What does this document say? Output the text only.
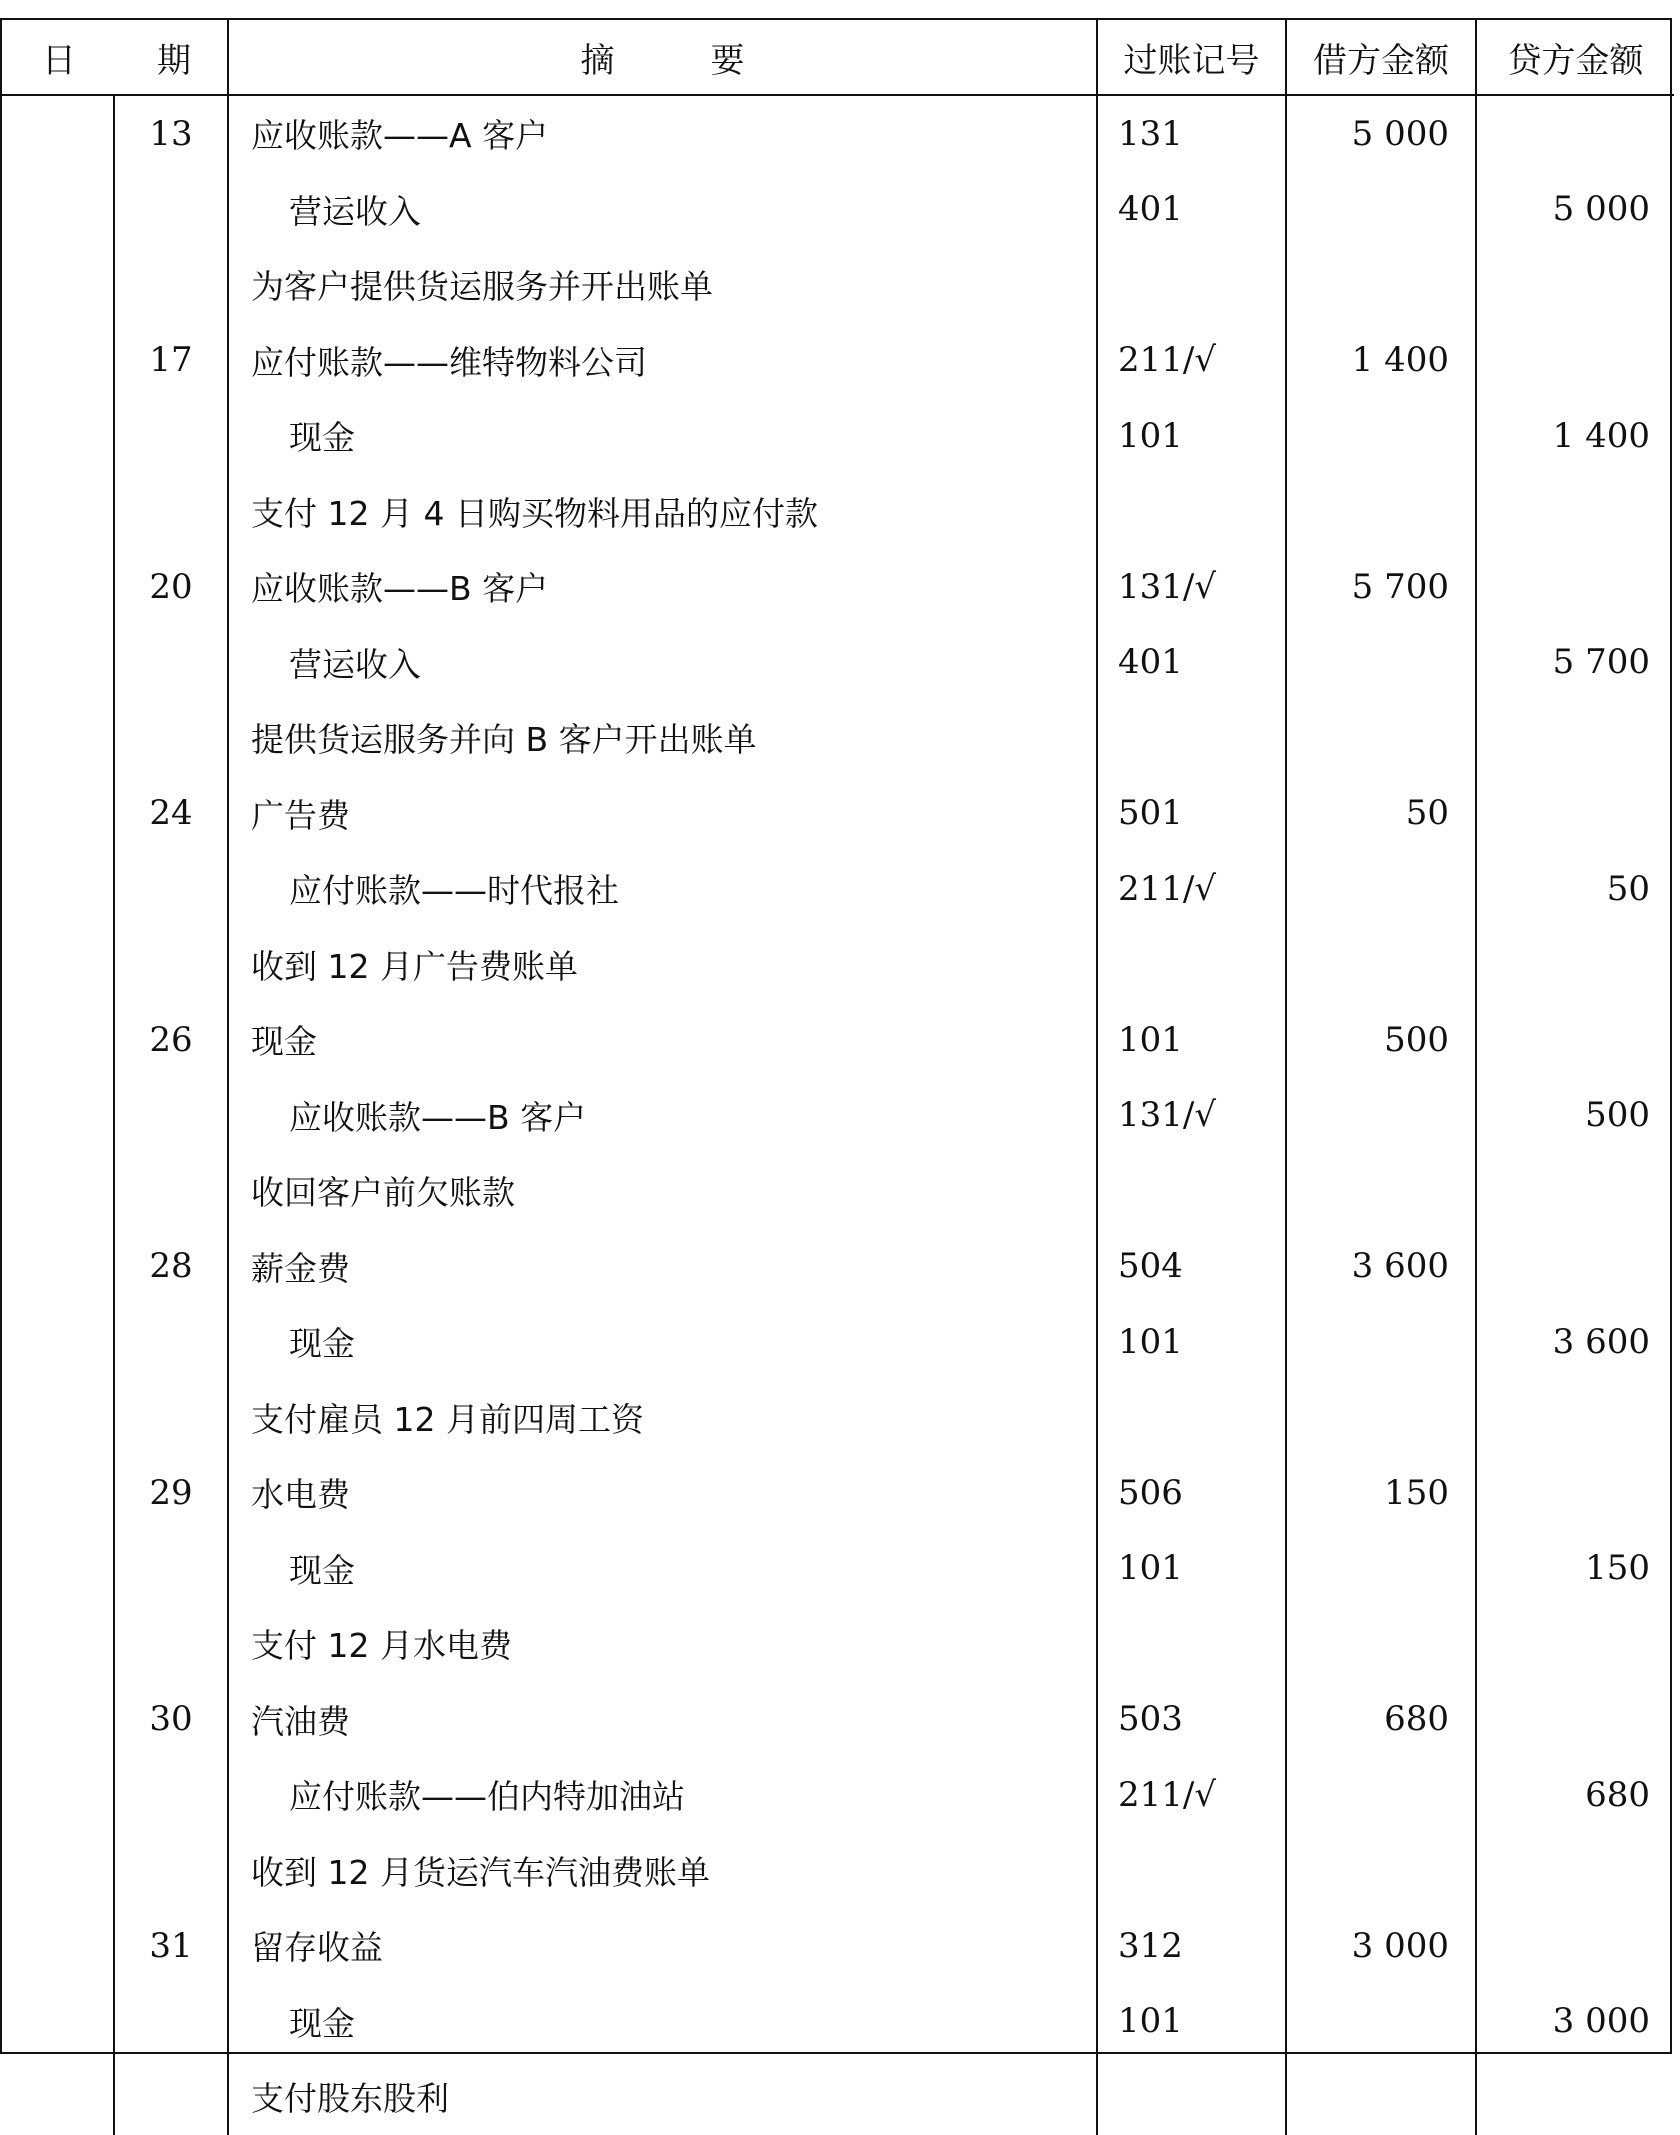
日	期	摘 要	过账记号	借方金额	贷方金额
	13	应收账款——A 客户	131	5 000	
		营运收入	401		5 000
		为客户提供货运服务并开出账单			
	17	应付账款——维特物料公司	211/√	1 400	
		现金	101		1 400
		支付 12 月 4 日购买物料用品的应付款			
	20	应收账款——B 客户	131/√	5 700	
		营运收入	401		5 700
		提供货运服务并向 B 客户开出账单			
	24	广告费	501	50	
		应付账款——时代报社	211/√		50
		收到 12 月广告费账单			
	26	现金	101	500	
		应收账款——B 客户	131/√		500
		收回客户前欠账款			
	28	薪金费	504	3 600	
		现金	101		3 600
		支付雇员 12 月前四周工资			
	29	水电费	506	150	
		现金	101		150
		支付 12 月水电费			
	30	汽油费	503	680	
		应付账款——伯内特加油站	211/√		680
		收到 12 月货运汽车汽油费账单			
	31	留存收益	312	3 000	
		现金	101		3 000
		支付股东股利			
